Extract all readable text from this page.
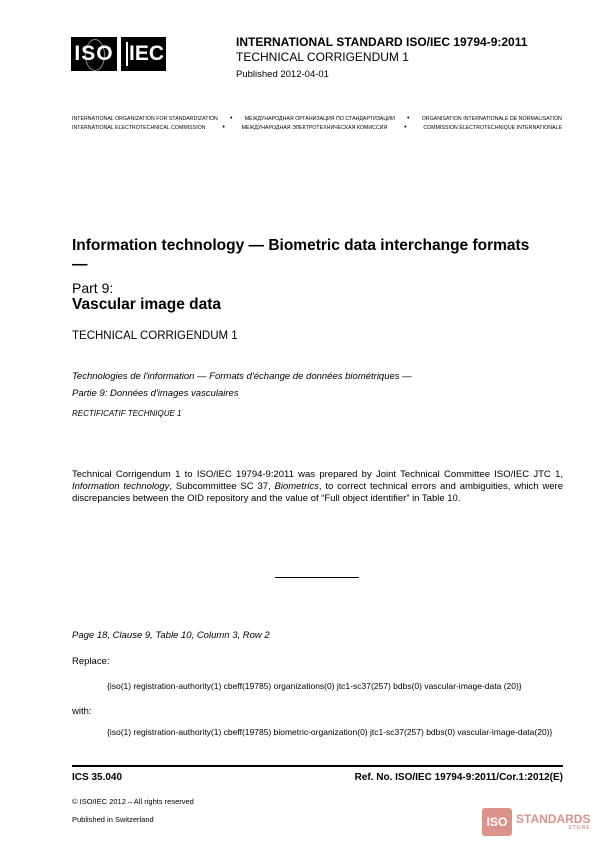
ISO IEC	INTERNATIONAL STANDARD ISO/IEC 19794-9:2011
TECHNICAL CORRIGENDUM 1
Published 2012-04-01
INTERNATIONAL ORGANIZATION FOR STANDARDIZATION • МЕЖДУНАРОДНАЯ ОРГАНИЗАЦИЯ ПО СТАНДАРТИЗАЦИИ • ORGANISATION INTERNATIONALE DE NORMALISATION
INTERNATIONAL ELECTROTECHNICAL COMMISSION •	МЕЖДУНАРОДНАЯ ЭЛЕКТРОТЕХНИЧЕСКАЯ КОМИССИЯ •	COMMISSION ÉLECTROTECHNIQUE INTERNATIONALE
Information technology — Biometric data interchange formats —
Part 9:
Vascular image data
TECHNICAL CORRIGENDUM 1
Technologies de l'information — Formats d'échange de données biométriques —
Partie 9: Données d'images vasculaires
RECTIFICATIF TECHNIQUE 1
Technical Corrigendum 1 to ISO/IEC 19794-9:2011 was prepared by Joint Technical Committee ISO/IEC JTC 1, Information technology, Subcommittee SC 37, Biometrics, to correct technical errors and ambiguities, which were discrepancies between the OID repository and the value of “Full object identifier” in Table 10.
Page 18, Clause 9, Table 10, Column 3, Row 2
Replace:
{iso(1) registration-authority(1) cbeff(19785) organizations(0) jtc1-sc37(257) bdbs(0) vascular-image-data (20)}
with:
{iso(1) registration-authority(1) cbeff(19785) biometric-organization(0) jtc1-sc37(257) bdbs(0) vascular-image-data(20)}
ICS 35.040	Ref. No. ISO/IEC 19794-9:2011/Cor.1:2012(E)
© ISO/IEC 2012 – All rights reserved
Published in Switzerland	ISO STANDARDS
STORE
